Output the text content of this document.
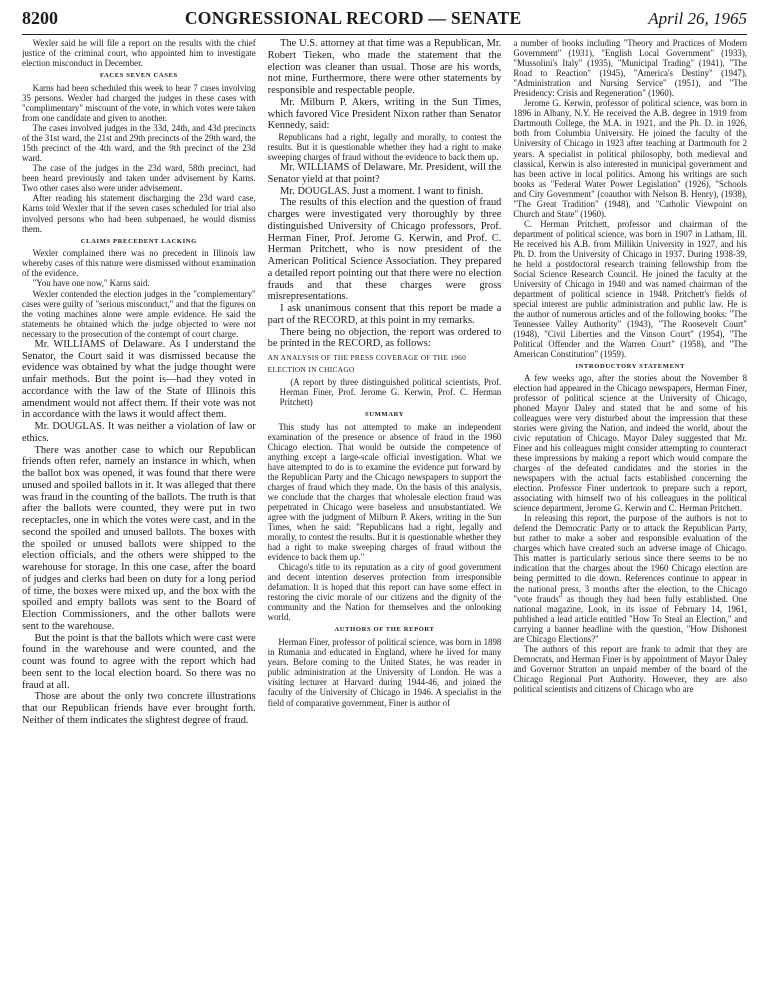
8200	CONGRESSIONAL RECORD — SENATE	April 26, 1965

Wexler said he will file a report on the results with the chief justice of the criminal court, who appointed him to investigate election misconduct in December.

FACES SEVEN CASES

Karns had been scheduled this week to hear 7 cases involving 35 persons. Wexler had charged the judges in these cases with "complimentary" miscount of the vote, in which votes were taken from one candidate and given to another.

The cases involved judges in the 33d, 24th, and 43d precincts of the 31st ward, the 21st and 29th precincts of the 29th ward, the 15th precinct of the 4th ward, and the 9th precinct of the 23d ward.

The case of the judges in the 23d ward, 58th precinct, had been heard previously and taken under advisement by Karns. Two other cases also were under advisement.

After reading his statement discharging the 23d ward case, Karns told Wexler that if the seven cases scheduled for trial also involved persons who had been subpenaed, he would dismiss them.

CLAIMS PRECEDENT LACKING

Wexler complained there was no precedent in Illinois law whereby cases of this nature were dismissed without examination of the evidence.

"You have one now," Karns said.

Wexler contended the election judges in the "complementary" cases were guilty of "serious misconduct," and that the figures on the voting machines alone were ample evidence. He said the statements he obtained which the judge objected to were not necessary to the prosecution of the contempt of court charge.

Mr. WILLIAMS of Delaware. As I understand the Senator, the Court said it was dismissed because the evidence was obtained by what the judge thought were unfair methods. But the point is—had they voted in accordance with the law of the State of Illinois this amendment would not affect them. If their vote was not in accordance with the laws it would affect them.

Mr. DOUGLAS. It was neither a violation of law or ethics.

There was another case to which our Republican friends often refer, namely an instance in which, when the ballot box was opened, it was found that there were unused and spoiled ballots in it. It was alleged that there was fraud in the counting of the ballots. The truth is that after the ballots were counted, they were put in two receptacles, one in which the votes were cast, and in the second the spoiled and unused ballots. The boxes with the spoiled or unused ballots were shipped to the election officials, and the others were shipped to the warehouse for storage. In this one case, after the board of judges and clerks had been on duty for a long period of time, the boxes were mixed up, and the box with the spoiled and empty ballots was sent to the Board of Election Commissioners, and the other ballots were sent to the warehouse.

But the point is that the ballots which were cast were found in the warehouse and were counted, and the count was found to agree with the report which had been sent to the local election board. So there was no fraud at all.

Those are about the only two concrete illustrations that our Republican friends have ever brought forth. Neither of them indicates the slightest degree of fraud.

The U.S. attorney at that time was a Republican, Mr. Robert Tieken, who made the statement that the election was cleaner than usual. Those are his words, not mine. Furthermore, there were other statements by responsible and respectable people.

Mr. Milburn P. Akers, writing in the Sun Times, which favored Vice President Nixon rather than Senator Kennedy, said:

Republicans had a right, legally and morally, to contest the results. But it is questionable whether they had a right to make sweeping charges of fraud without the evidence to back them up.

Mr. WILLIAMS of Delaware. Mr. President, will the Senator yield at that point?

Mr. DOUGLAS. Just a moment. I want to finish.

The results of this election and the question of fraud charges were investigated very thoroughly by three distinguished University of Chicago professors, Prof. Herman Finer, Prof. Jerome G. Kerwin, and Prof. C. Herman Pritchett, who is now president of the American Political Science Association. They prepared a detailed report pointing out that there were no election frauds and that these charges were gross misrepresentations.

I ask unanimous consent that this report be made a part of the RECORD, at this point in my remarks.

There being no objection, the report was ordered to be printed in the RECORD, as follows:

AN ANALYSIS OF THE PRESS COVERAGE OF THE 1960 ELECTION IN CHICAGO

(A report by three distinguished political scientists, Prof. Herman Finer, Prof. Jerome G. Kerwin, Prof. C. Herman Pritchett)

SUMMARY

This study has not attempted to make an independent examination of the presence or absence of fraud in the 1960 Chicago election. That would be outside the competence of anything except a large-scale official investigation. What we have attempted to do is to examine the evidence put forward by the Republican Party and the Chicago newspapers to support the charges of fraud which they made. On the basis of this analysis, we conclude that the charges that wholesale election fraud was perpetrated in Chicago were baseless and unsubstantiated. We agree with the judgment of Milburn P. Akers, writing in the Sun Times, when he said: "Republicans had a right, legally and morally, to contest the results. But it is questionable whether they had a right to make sweeping charges of fraud without the evidence to back them up."

Chicago's title to its reputation as a city of good government and decent intention deserves protection from irresponsible defamation. It is hoped that this report can have some effect in restoring the civic morale of our citizens and the dignity of the community and the Nation for themselves and the onlooking world.

AUTHORS OF THE REPORT

Herman Finer, professor of political science, was born in 1898 in Rumania and educated in England, where he lived for many years. Before coming to the United States, he was reader in public administration at the University of London. He was a visiting lecturer at Harvard during 1944-46, and joined the faculty of the University of Chicago in 1946. A specialist in the field of comparative government, Finer is author of

a number of books including "Theory and Practices of Modern Government" (1931), "English Local Government" (1933), "Mussolini's Italy" (1935), "Municipal Trading" (1941), "The Road to Reaction" (1945), "America's Destiny" (1947), "Administration and Nursing Service" (1951), and "The Presidency: Crisis and Regeneration" (1960).

Jerome G. Kerwin, professor of political science, was born in 1896 in Albany, N.Y. He received the A.B. degree in 1919 from Dartmouth College, the M.A. in 1921, and the Ph. D. in 1926, both from Columbia University. He joined the faculty of the University of Chicago in 1923 after teaching at Dartmouth for 2 years. A specialist in political philosophy, both medieval and classical, Kerwin is also interested in municipal government and has been active in local politics. Among his writings are such books as "Federal Water Power Legislation" (1926), "Schools and City Government" (coauthor with Nelson B. Henry), (1938), "The Great Tradition" (1948), and "Catholic Viewpoint on Church and State" (1960).

C. Herman Pritchett, professor and chairman of the department of political science, was born in 1907 in Latham, Ill. He received his A.B. from Millikin University in 1927, and his Ph. D. from the University of Chicago in 1937. During 1938-39, he held a postdoctoral research training fellowship from the Social Science Research Council. He joined the faculty at the University of Chicago in 1940 and was named chairman of the department of political science in 1948. Pritchett's fields of special interest are public administration and public law. He is the author of numerous articles and of the following books: "The Tennessee Valley Authority" (1943), "The Roosevelt Court" (1948), "Civil Liberties and the Vinson Court" (1954), "The Political Offender and the Warren Court" (1958), and "The American Constitution" (1959).

INTRODUCTORY STATEMENT

A few weeks ago, after the stories about the November 8 election had appeared in the Chicago newspapers, Herman Finer, professor of political science at the University of Chicago, phoned Mayor Daley and stated that he and some of his colleagues were very disturbed about the impression that these stories were giving the Nation, and indeed the world, about the civic reputation of Chicago. Mayor Daley suggested that Mr. Finer and his colleagues might consider attempting to counteract these impressions by making a report which would compare the charges of the defeated candidates and the stories in the newspapers with the actual facts established concerning the election. Professor Finer undertook to prepare such a report, associating with himself two of his colleagues in the political science department, Jerome G. Kerwin and C. Herman Pritchett.

In releasing this report, the purpose of the authors is not to defend the Democratic Party or to attack the Republican Party, but rather to make a sober and responsible evaluation of the charges which have created such an adverse image of Chicago. This matter is particularly serious since there seems to be no indication that the charges about the 1960 Chicago election are being permitted to die down. References continue to appear in the national press, 3 months after the election, to the Chicago "vote frauds" as though they had been fully established. One national magazine, Look, in its issue of February 14, 1961, published a lead article entitled "How To Steal an Election," and carrying a banner headline with the question, "How Dishonest are Chicago Elections?"

The authors of this report are frank to admit that they are Democrats, and Herman Finer is by appointment of Mayor Daley and Governor Stratton an unpaid member of the board of the Chicago Regional Port Authority. However, they are also political scientists and citizens of Chicago who are
